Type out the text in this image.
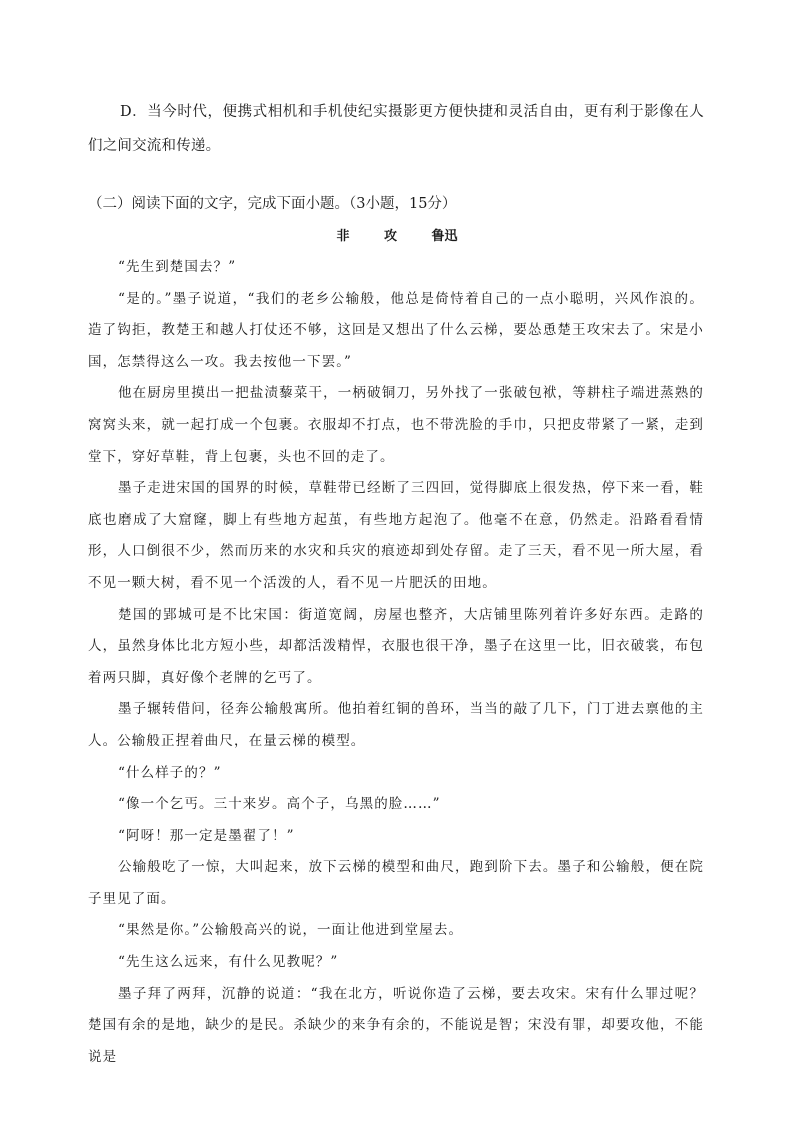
D．当今时代，便携式相机和手机使纪实摄影更方便快捷和灵活自由，更有利于影像在人们之间交流和传递。
（二）阅读下面的文字，完成下面小题。（3小题，15分）
非	攻	鲁迅

“先生到楚国去？”

“是的。”墨子说道，“我们的老乡公输般，他总是倚恃着自己的一点小聪明，兴风作浪的。造了钩拒，教楚王和越人打仗还不够，这回是又想出了什么云梯，要怂恿楚王攻宋去了。宋是小国，怎禁得这么一攻。我去按他一下罢。”

他在厨房里摸出一把盐渍藜菜干，一柄破铜刀，另外找了一张破包袱，等耕柱子端进蒸熟的窝窝头来，就一起打成一个包裹。衣服却不打点，也不带洗脸的手巾，只把皮带紧了一紧，走到堂下，穿好草鞋，背上包裹，头也不回的走了。

墨子走进宋国的国界的时候，草鞋带已经断了三四回，觉得脚底上很发热，停下来一看，鞋底也磨成了大窟窿，脚上有些地方起茧，有些地方起泡了。他毫不在意，仍然走。沿路看看情形，人口倒很不少，然而历来的水灾和兵灾的痕迹却到处存留。走了三天，看不见一所大屋，看不见一颗大树，看不见一个活泼的人，看不见一片肥沃的田地。

楚国的郢城可是不比宋国：街道宽阔，房屋也整齐，大店铺里陈列着许多好东西。走路的人，虽然身体比北方短小些，却都活泼精悍，衣服也很干净，墨子在这里一比，旧衣破裳，布包着两只脚，真好像个老牌的乞丐了。

墨子辗转借问，径奔公输般寓所。他拍着红铜的兽环，当当的敲了几下，门丁进去禀他的主人。公输般正捏着曲尺，在量云梯的模型。

“什么样子的？”

“像一个乞丐。三十来岁。高个子，乌黑的脸……”

“阿呀！那一定是墨翟了！”

公输般吃了一惊，大叫起来，放下云梯的模型和曲尺，跑到阶下去。墨子和公输般，便在院子里见了面。

“果然是你。”公输般高兴的说，一面让他进到堂屋去。

“先生这么远来，有什么见教呢？”

墨子拜了两拜，沉静的说道：“我在北方，听说你造了云梯，要去攻宋。宋有什么罪过呢？楚国有余的是地，缺少的是民。杀缺少的来争有余的，不能说是智；宋没有罪，却要攻他，不能说是
